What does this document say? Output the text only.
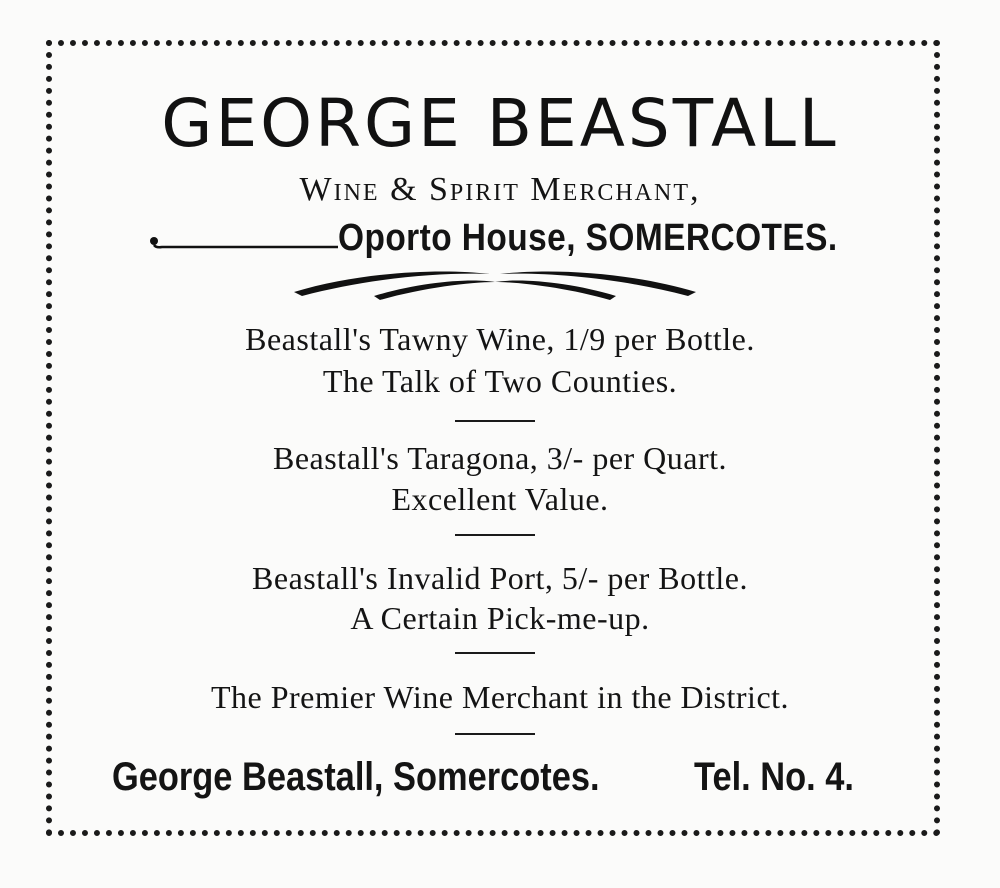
GEORGE BEASTALL
Wine & Spirit Merchant,
Oporto House, SOMERCOTES.
Beastall's Tawny Wine, 1/9 per Bottle.
The Talk of Two Counties.
Beastall's Taragona, 3/- per Quart.
Excellent Value.
Beastall's Invalid Port, 5/- per Bottle.
A Certain Pick-me-up.
The Premier Wine Merchant in the District.
George Beastall, Somercotes. Tel. No. 4.
